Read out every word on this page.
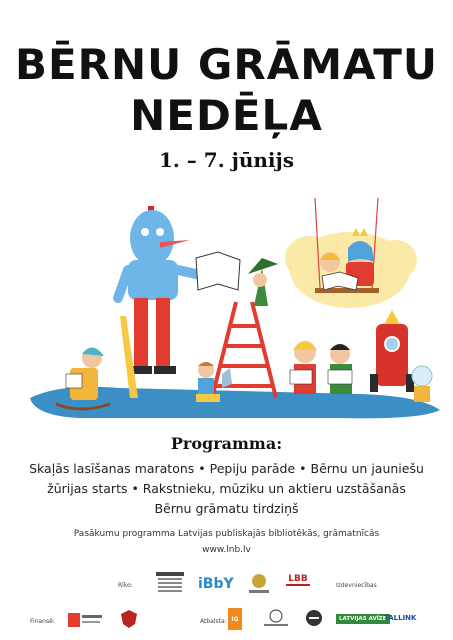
BĒRNU GRĀMATU
NEDĒĻA
1. – 7. jūnijs
Programma:
Skaļās lasīšanas maratons • Pepiju parāde • Bērnu un jauniešu
žūrijas starts • Rakstnieku, mūziku un aktieru uzstāšanās
Bērnu grāmatu tirdziņš
Pasākumu programma Latvijas publiskajās bibliotēkās, grāmatnīcās
www.lnb.lv
Rīko:	iBbY	LBB
Izdevniecības
Finansē:	Atbalsta: IG	LATVIJAS AVĪZE
TALLINK
